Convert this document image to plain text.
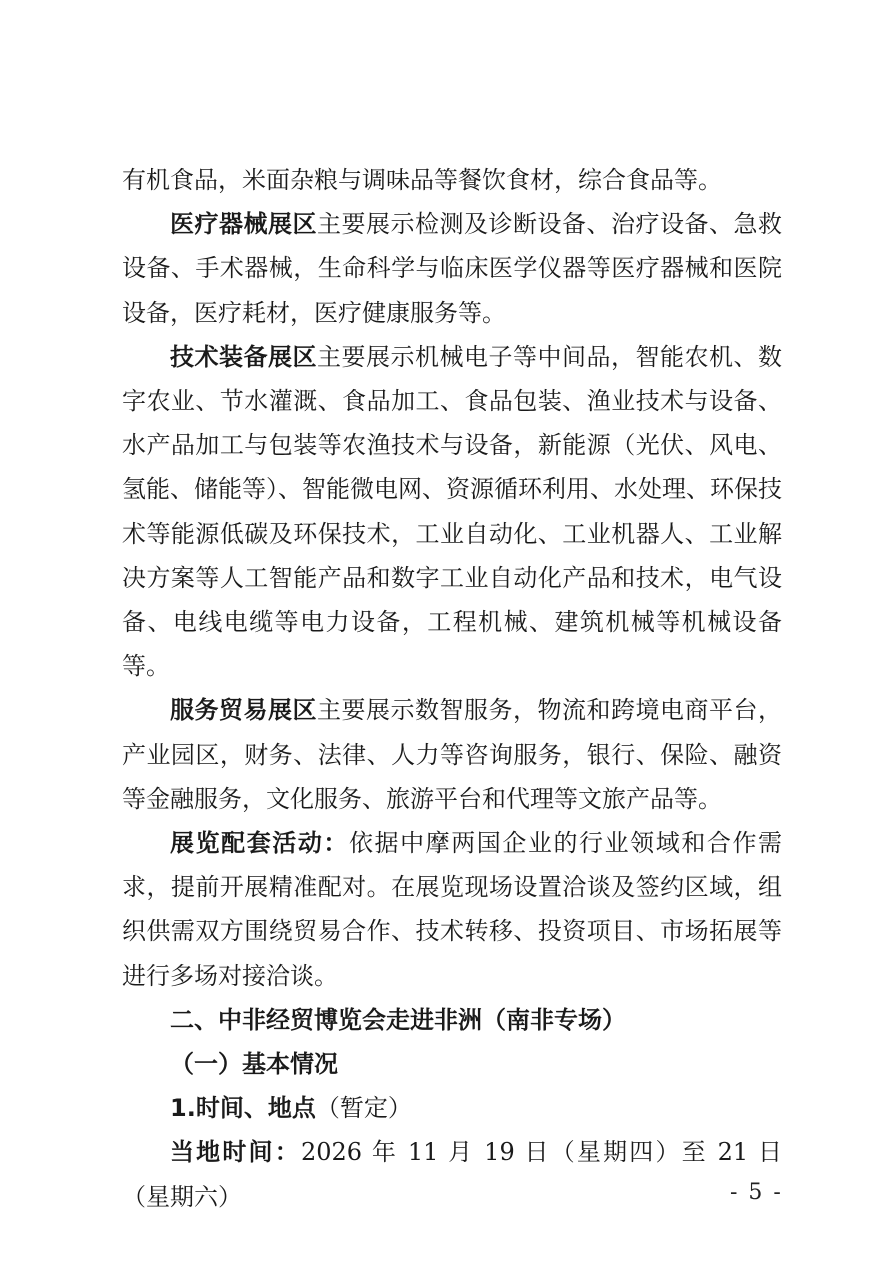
有机食品，米面杂粮与调味品等餐饮食材，综合食品等。

医疗器械展区主要展示检测及诊断设备、治疗设备、急救设备、手术器械，生命科学与临床医学仪器等医疗器械和医院设备，医疗耗材，医疗健康服务等。

技术装备展区主要展示机械电子等中间品，智能农机、数字农业、节水灌溉、食品加工、食品包装、渔业技术与设备、水产品加工与包装等农渔技术与设备，新能源（光伏、风电、氢能、储能等）、智能微电网、资源循环利用、水处理、环保技术等能源低碳及环保技术，工业自动化、工业机器人、工业解决方案等人工智能产品和数字工业自动化产品和技术，电气设备、电线电缆等电力设备，工程机械、建筑机械等机械设备等。

服务贸易展区主要展示数智服务，物流和跨境电商平台，产业园区，财务、法律、人力等咨询服务，银行、保险、融资等金融服务，文化服务、旅游平台和代理等文旅产品等。

展览配套活动：依据中摩两国企业的行业领域和合作需求，提前开展精准配对。在展览现场设置洽谈及签约区域，组织供需双方围绕贸易合作、技术转移、投资项目、市场拓展等进行多场对接洽谈。

二、中非经贸博览会走进非洲（南非专场）

（一）基本情况

1.时间、地点（暂定）

当地时间：2026 年 11 月 19 日（星期四）至 21 日（星期六）	- 5 -
